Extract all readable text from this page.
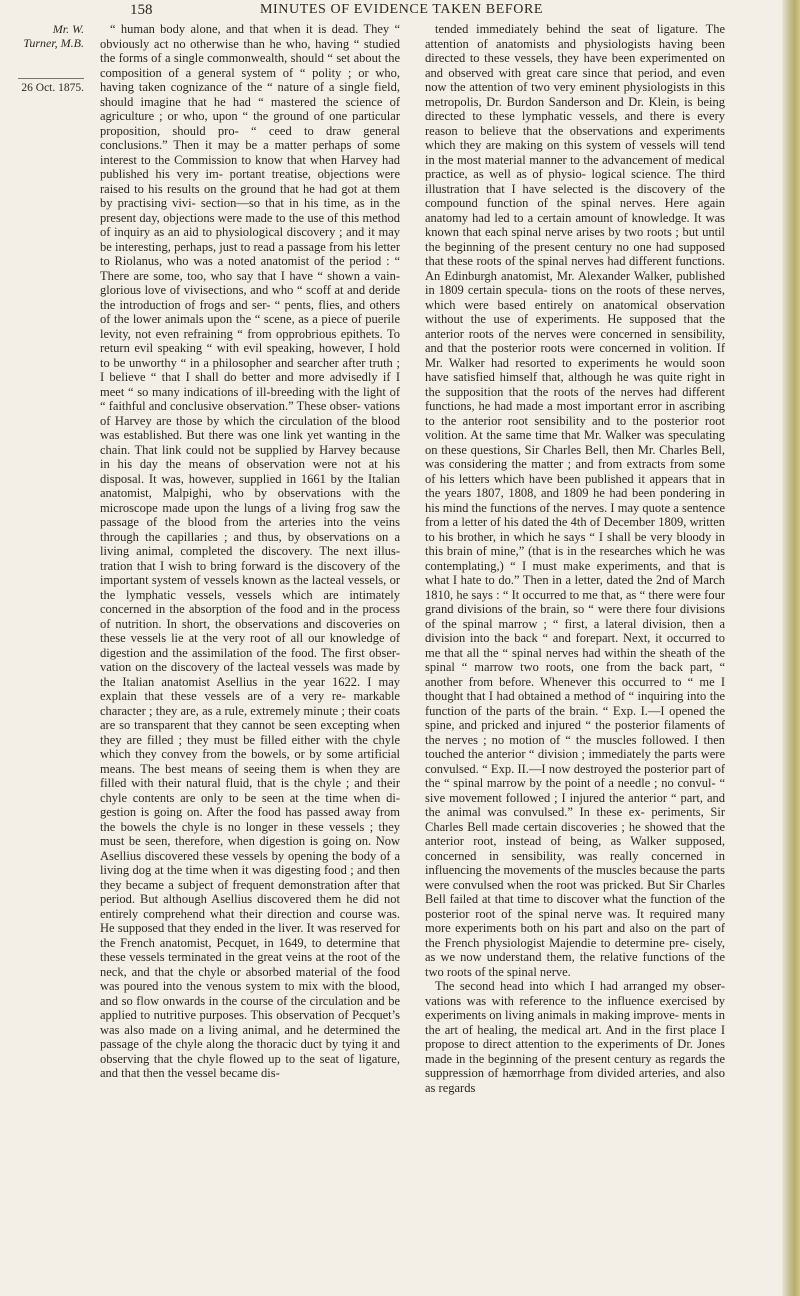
158	MINUTES OF EVIDENCE TAKEN BEFORE
Mr. W. Turner, M.B.
26 Oct. 1875.

“ human body alone, and that when it is dead. They “ obviously act no otherwise than he who, having “ studied the forms of a single commonwealth, should “ set about the composition of a general system of “ polity ; or who, having taken cognizance of the “ nature of a single field, should imagine that he had “ mastered the science of agriculture ; or who, upon “ the ground of one particular proposition, should pro- “ ceed to draw general conclusions.” Then it may be a matter perhaps of some interest to the Commission to know that when Harvey had published his very im- portant treatise, objections were raised to his results on the ground that he had got at them by practising vivi- section—so that in his time, as in the present day, objections were made to the use of this method of inquiry as an aid to physiological discovery ; and it may be interesting, perhaps, just to read a passage from his letter to Riolanus, who was a noted anatomist of the period : “ There are some, too, who say that I have “ shown a vain-glorious love of vivisections, and who “ scoff at and deride the introduction of frogs and ser- “ pents, flies, and others of the lower animals upon the “ scene, as a piece of puerile levity, not even refraining “ from opprobrious epithets. To return evil speaking “ with evil speaking, however, I hold to be unworthy “ in a philosopher and searcher after truth ; I believe “ that I shall do better and more advisedly if I meet “ so many indications of ill-breeding with the light of “ faithful and conclusive observation.” These obser- vations of Harvey are those by which the circulation of the blood was established. But there was one link yet wanting in the chain. That link could not be supplied by Harvey because in his day the means of observation were not at his disposal. It was, however, supplied in 1661 by the Italian anatomist, Malpighi, who by observations with the microscope made upon the lungs of a living frog saw the passage of the blood from the arteries into the veins through the capillaries ; and thus, by observations on a living animal, completed the discovery. The next illus- tration that I wish to bring forward is the discovery of the important system of vessels known as the lacteal vessels, or the lymphatic vessels, vessels which are intimately concerned in the absorption of the food and in the process of nutrition. In short, the observations and discoveries on these vessels lie at the very root of all our knowledge of digestion and the assimilation of the food. The first obser- vation on the discovery of the lacteal vessels was made by the Italian anatomist Asellius in the year 1622. I may explain that these vessels are of a very re- markable character ; they are, as a rule, extremely minute ; their coats are so transparent that they cannot be seen excepting when they are filled ; they must be filled either with the chyle which they convey from the bowels, or by some artificial means. The best means of seeing them is when they are filled with their natural fluid, that is the chyle ; and their chyle contents are only to be seen at the time when di- gestion is going on. After the food has passed away from the bowels the chyle is no longer in these vessels ; they must be seen, therefore, when digestion is going on. Now Asellius discovered these vessels by opening the body of a living dog at the time when it was digesting food ; and then they became a subject of frequent demonstration after that period. But although Asellius discovered them he did not entirely comprehend what their direction and course was. He supposed that they ended in the liver. It was reserved for the French anatomist, Pecquet, in 1649, to determine that these vessels terminated in the great veins at the root of the neck, and that the chyle or absorbed material of the food was poured into the venous system to mix with the blood, and so flow onwards in the course of the circulation and be applied to nutritive purposes. This observation of Pecquet’s was also made on a living animal, and he determined the passage of the chyle along the thoracic duct by tying it and observing that the chyle flowed up to the seat of ligature, and that then the vessel became dis-

tended immediately behind the seat of ligature. The attention of anatomists and physiologists having been directed to these vessels, they have been experimented on and observed with great care since that period, and even now the attention of two very eminent physiologists in this metropolis, Dr. Burdon Sanderson and Dr. Klein, is being directed to these lymphatic vessels, and there is every reason to believe that the observations and experiments which they are making on this system of vessels will tend in the most material manner to the advancement of medical practice, as well as of physio- logical science. The third illustration that I have selected is the discovery of the compound function of the spinal nerves. Here again anatomy had led to a certain amount of knowledge. It was known that each spinal nerve arises by two roots ; but until the beginning of the present century no one had supposed that these roots of the spinal nerves had different functions. An Edinburgh anatomist, Mr. Alexander Walker, published in 1809 certain specula- tions on the roots of these nerves, which were based entirely on anatomical observation without the use of experiments. He supposed that the anterior roots of the nerves were concerned in sensibility, and that the posterior roots were concerned in volition. If Mr. Walker had resorted to experiments he would soon have satisfied himself that, although he was quite right in the supposition that the roots of the nerves had different functions, he had made a most important error in ascribing to the anterior root sensibility and to the posterior root volition. At the same time that Mr. Walker was speculating on these questions, Sir Charles Bell, then Mr. Charles Bell, was considering the matter ; and from extracts from some of his letters which have been published it appears that in the years 1807, 1808, and 1809 he had been pondering in his mind the functions of the nerves. I may quote a sentence from a letter of his dated the 4th of December 1809, written to his brother, in which he says “ I shall be very bloody in this brain of mine,” (that is in the researches which he was contemplating,) “ I must make experiments, and that is what I hate to do.” Then in a letter, dated the 2nd of March 1810, he says : “ It occurred to me that, as “ there were four grand divisions of the brain, so “ were there four divisions of the spinal marrow ; “ first, a lateral division, then a division into the back “ and forepart. Next, it occurred to me that all the “ spinal nerves had within the sheath of the spinal “ marrow two roots, one from the back part, “ another from before. Whenever this occurred to “ me I thought that I had obtained a method of “ inquiring into the function of the parts of the brain. “ Exp. I.—I opened the spine, and pricked and injured “ the posterior filaments of the nerves ; no motion of “ the muscles followed. I then touched the anterior “ division ; immediately the parts were convulsed. “ Exp. II.—I now destroyed the posterior part of the “ spinal marrow by the point of a needle ; no convul- “ sive movement followed ; I injured the anterior “ part, and the animal was convulsed.” In these ex- periments, Sir Charles Bell made certain discoveries ; he showed that the anterior root, instead of being, as Walker supposed, concerned in sensibility, was really concerned in influencing the movements of the muscles because the parts were convulsed when the root was pricked. But Sir Charles Bell failed at that time to discover what the function of the posterior root of the spinal nerve was. It required many more experiments both on his part and also on the part of the French physiologist Majendie to determine pre- cisely, as we now understand them, the relative functions of the two roots of the spinal nerve.

The second head into which I had arranged my obser- vations was with reference to the influence exercised by experiments on living animals in making improve- ments in the art of healing, the medical art. And in the first place I propose to direct attention to the experiments of Dr. Jones made in the beginning of the present century as regards the suppression of hæmorrhage from divided arteries, and also as regards
